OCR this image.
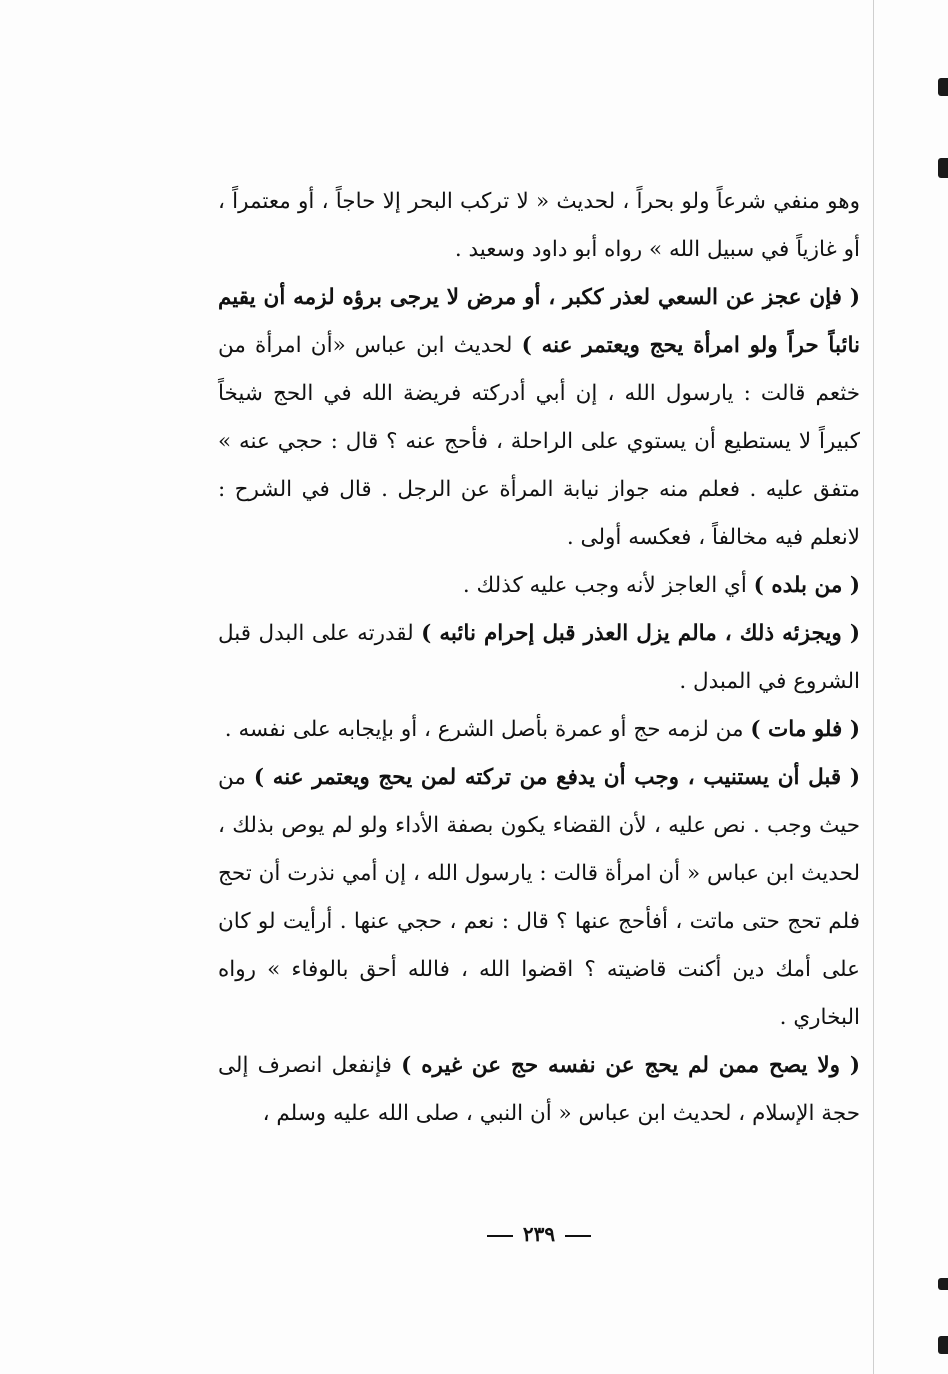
وهو منفي شرعاً ولو بحراً ، لحديث « لا تركب البحر إلا حاجاً ، أو معتمراً ، أو غازياً في سبيل الله » رواه أبو داود وسعيد .

( فإن عجز عن السعي لعذر ككبر ، أو مرض لا يرجى برؤه لزمه أن يقيم نائباً حراً ولو امرأة يحج ويعتمر عنه ) لحديث ابن عباس «أن امرأة من خثعم قالت : يارسول الله ، إن أبي أدركته فريضة الله في الحج شيخاً كبيراً لا يستطيع أن يستوي على الراحلة ، فأحج عنه ؟ قال : حجي عنه » متفق عليه . فعلم منه جواز نيابة المرأة عن الرجل . قال في الشرح : لانعلم فيه مخالفاً ، فعكسه أولى .

( من بلده ) أي العاجز لأنه وجب عليه كذلك .

( ويجزئه ذلك ، مالم يزل العذر قبل إحرام نائبه ) لقدرته على البدل قبل الشروع في المبدل .

( فلو مات ) من لزمه حج أو عمرة بأصل الشرع ، أو بإيجابه على نفسه .

( قبل أن يستنيب ، وجب أن يدفع من تركته لمن يحج ويعتمر عنه ) من حيث وجب . نص عليه ، لأن القضاء يكون بصفة الأداء ولو لم يوص بذلك ، لحديث ابن عباس « أن امرأة قالت : يارسول الله ، إن أمي نذرت أن تحج فلم تحج حتى ماتت ، أفأحج عنها ؟ قال : نعم ، حجي عنها . أرأيت لو كان على أمك دين أكنت قاضيته ؟ اقضوا الله ، فالله أحق بالوفاء » رواه البخاري .

( ولا يصح ممن لم يحج عن نفسه حج عن غيره ) فإنفعل انصرف إلى حجة الإسلام ، لحديث ابن عباس « أن النبي ، صلى الله عليه وسلم ،

٢٣٩
